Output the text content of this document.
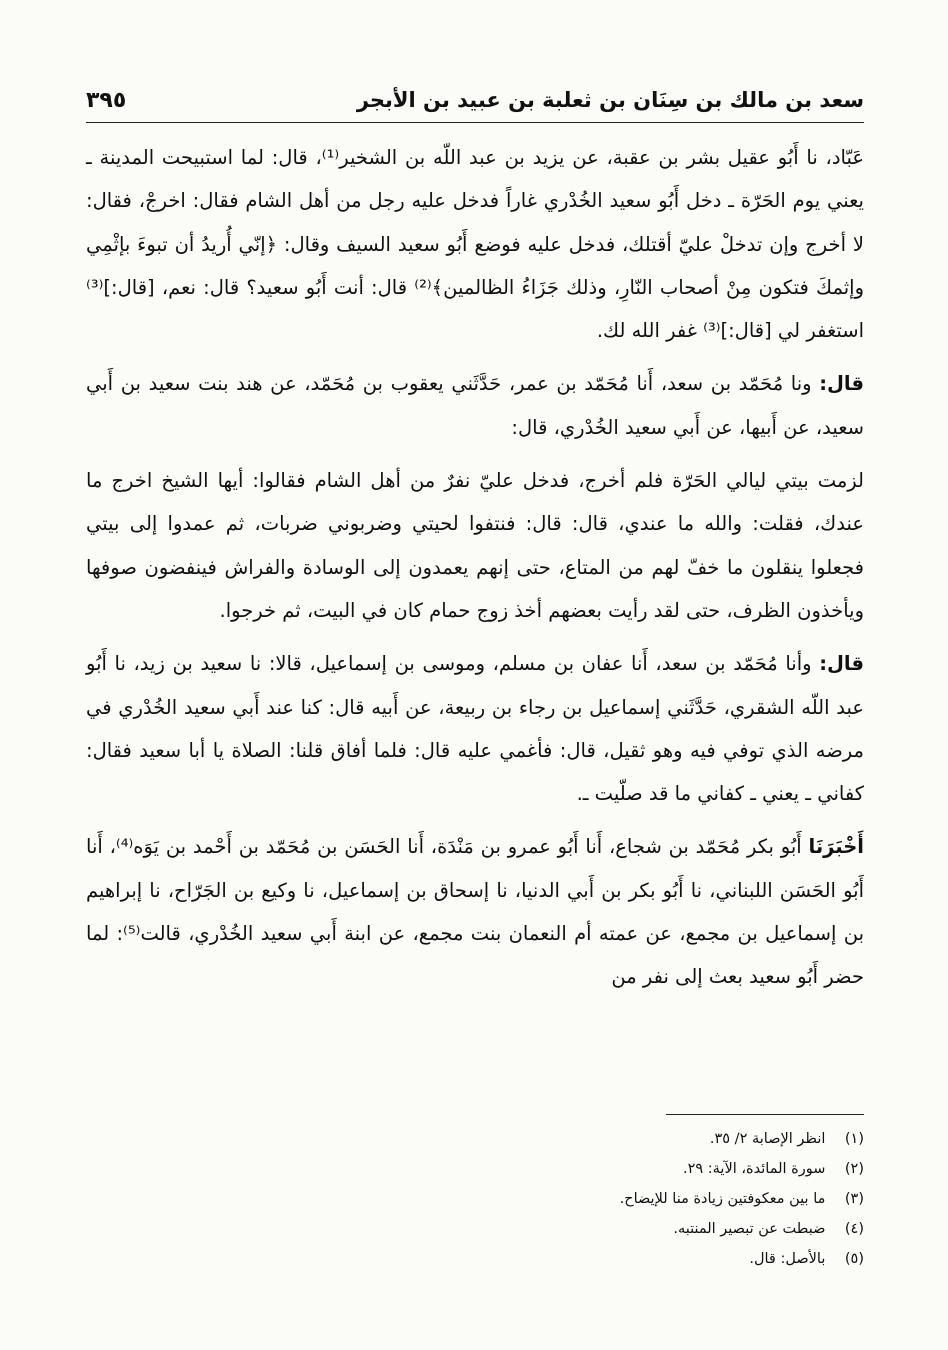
سعد بن مالك بن سِنَان بن ثعلبة بن عبيد بن الأبجر
٣٩٥

عَبّاد، نا أَبُو عقيل بشر بن عقبة، عن يزيد بن عبد اللّه بن الشخير⁽¹⁾، قال: لما استبيحت المدينة ـ يعني يوم الحَرّة ـ دخل أَبُو سعيد الخُدْري غاراً فدخل عليه رجل من أهل الشام فقال: اخرجْ، فقال: لا أخرج وإن تدخلْ عليّ أقتلك، فدخل عليه فوضع أَبُو سعيد السيف وقال: ﴿إنّي أُريدُ أن تبوءَ بإثْمِي وإثمكَ فتكون مِنْ أصحاب النّارِ، وذلك جَزَاءُ الظالمين﴾⁽²⁾ قال: أنت أَبُو سعيد؟ قال: نعم، [قال:]⁽³⁾ استغفر لي [قال:]⁽³⁾ غفر الله لك.

قال: ونا مُحَمّد بن سعد، أَنا مُحَمّد بن عمر، حَدَّثَني يعقوب بن مُحَمّد، عن هند بنت سعيد بن أَبي سعيد، عن أَبيها، عن أَبي سعيد الخُدْري، قال:

لزمت بيتي ليالي الحَرّة فلم أخرج، فدخل عليّ نفرٌ من أهل الشام فقالوا: أيها الشيخ اخرج ما عندك، فقلت: والله ما عندي، قال: قال: فنتفوا لحيتي وضربوني ضربات، ثم عمدوا إلى بيتي فجعلوا ينقلون ما خفّ لهم من المتاع، حتى إنهم يعمدون إلى الوسادة والفراش فينفضون صوفها ويأخذون الظرف، حتى لقد رأيت بعضهم أخذ زوج حمام كان في البيت، ثم خرجوا.

قال: وأنا مُحَمّد بن سعد، أَنا عفان بن مسلم، وموسى بن إسماعيل، قالا: نا سعيد بن زيد، نا أَبُو عبد اللّه الشقري، حَدَّثَني إسماعيل بن رجاء بن ربيعة، عن أَبيه قال: كنا عند أَبي سعيد الخُدْري في مرضه الذي توفي فيه وهو ثقيل، قال: فأغمي عليه قال: فلما أفاق قلنا: الصلاة يا أبا سعيد فقال: كفاني ـ يعني ـ كفاني ما قد صلّيت ـ.

أَخْبَرَنَا أَبُو بكر مُحَمّد بن شجاع، أَنا أَبُو عمرو بن مَنْدَة، أَنا الحَسَن بن مُحَمّد بن أَحْمد بن يَوَه⁽⁴⁾، أَنا أَبُو الحَسَن اللبناني، نا أَبُو بكر بن أَبي الدنيا، نا إسحاق بن إسماعيل، نا وكيع بن الجَرّاح، نا إبراهيم بن إسماعيل بن مجمع، عن عمته أم النعمان بنت مجمع، عن ابنة أَبي سعيد الخُدْري، قالت⁽⁵⁾: لما حضر أَبُو سعيد بعث إلى نفر من

(١) انظر الإصابة ٢/ ٣٥.
(٢) سورة المائدة، الآية: ٢٩.
(٣) ما بين معكوفتين زيادة منا للإيضاح.
(٤) ضبطت عن تبصير المنتبه.
(٥) بالأصل: قال.
